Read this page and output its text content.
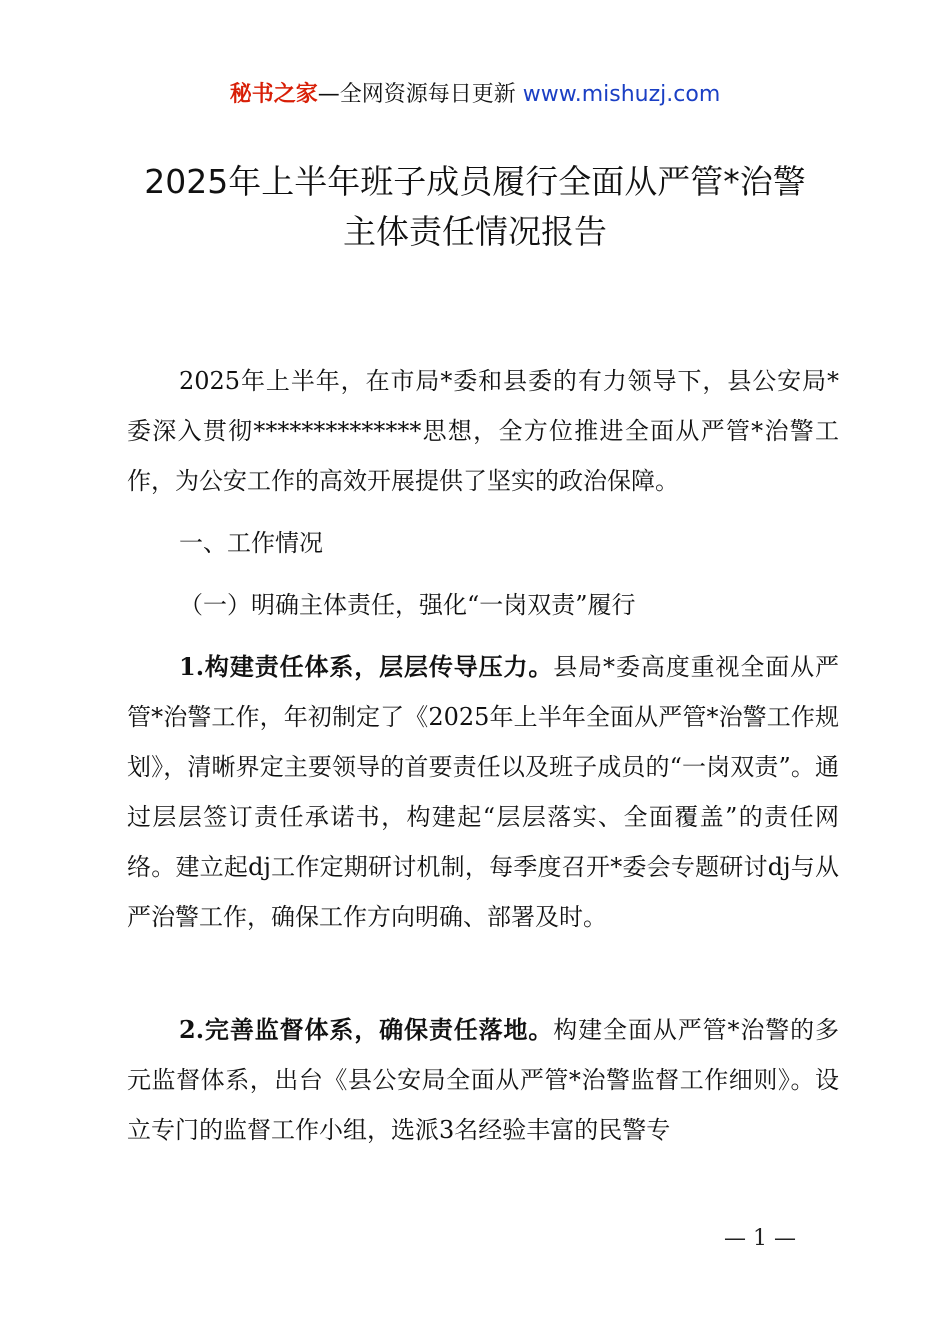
秘书之家—全网资源每日更新 www.mishuzj.com
2025年上半年班子成员履行全面从严管*治警
主体责任情况报告

2025年上半年，在市局*委和县委的有力领导下，县公安局*委深入贯彻**************思想，全方位推进全面从严管*治警工作，为公安工作的高效开展提供了坚实的政治保障。

一、工作情况

（一）明确主体责任，强化“一岗双责”履行

1.构建责任体系，层层传导压力。县局*委高度重视全面从严管*治警工作，年初制定了《2025年上半年全面从严管*治警工作规划》，清晰界定主要领导的首要责任以及班子成员的“一岗双责”。通过层层签订责任承诺书，构建起“层层落实、全面覆盖”的责任网络。建立起dj工作定期研讨机制，每季度召开*委会专题研讨dj与从严治警工作，确保工作方向明确、部署及时。

2.完善监督体系，确保责任落地。构建全面从严管*治警的多元监督体系，出台《县公安局全面从严管*治警监督工作细则》。设立专门的监督工作小组，选派3名经验丰富的民警专

— 1 —
